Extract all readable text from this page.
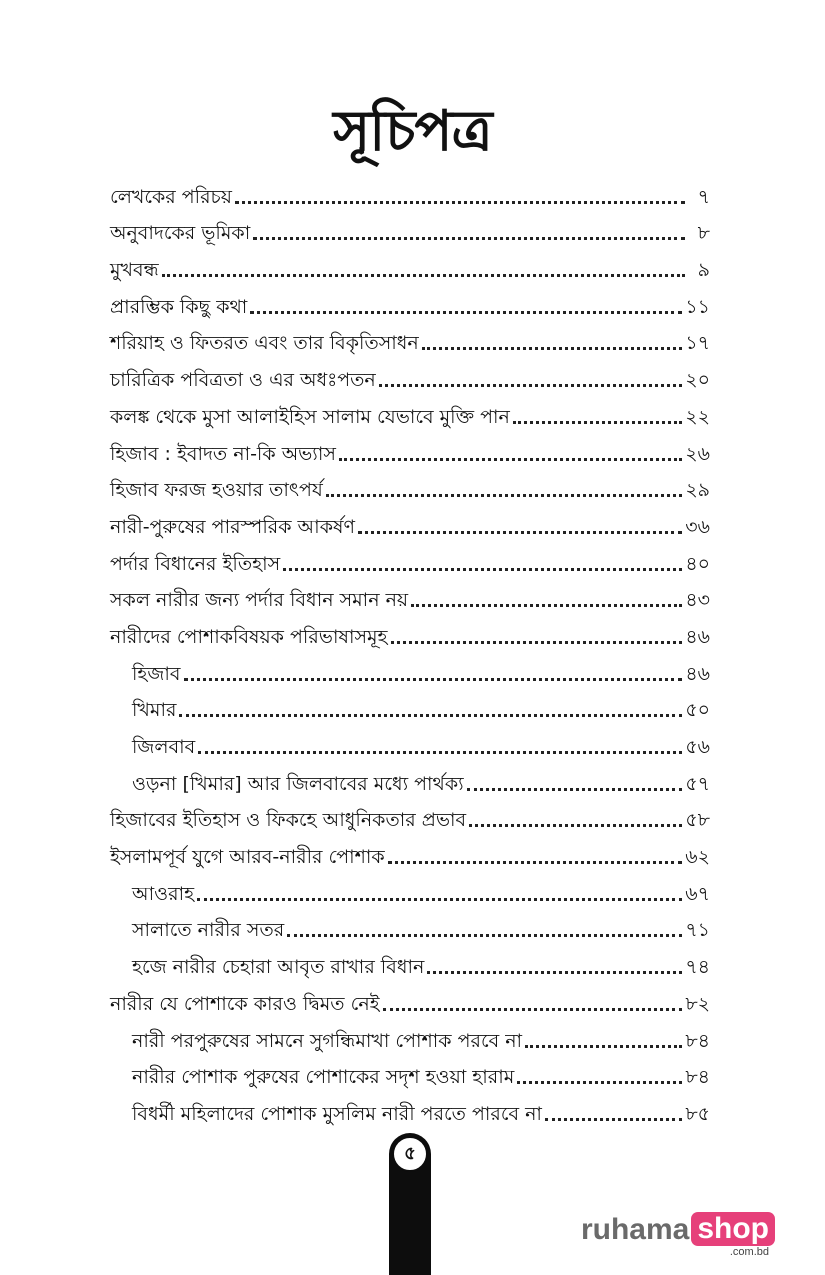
সূচিপত্র
লেখকের পরিচয়	৭
অনুবাদকের ভূমিকা	৮
মুখবন্ধ	৯
প্রারম্ভিক কিছু কথা	১১
শরিয়াহ ও ফিতরত এবং তার বিকৃতিসাধন	১৭
চারিত্রিক পবিত্রতা ও এর অধঃপতন	২০
কলঙ্ক থেকে মুসা আলাইহিস সালাম যেভাবে মুক্তি পান	২২
হিজাব : ইবাদত না-কি অভ্যাস	২৬
হিজাব ফরজ হওয়ার তাৎপর্য	২৯
নারী-পুরুষের পারস্পরিক আকর্ষণ	৩৬
পর্দার বিধানের ইতিহাস	৪০
সকল নারীর জন্য পর্দার বিধান সমান নয়	৪৩
নারীদের পোশাকবিষয়ক পরিভাষাসমূহ	৪৬
হিজাব	৪৬
খিমার	৫০
জিলবাব	৫৬
ওড়না [খিমার] আর জিলবাবের মধ্যে পার্থক্য	৫৭
হিজাবের ইতিহাস ও ফিকহে আধুনিকতার প্রভাব	৫৮
ইসলামপূর্ব যুগে আরব-নারীর পোশাক	৬২
আওরাহ	৬৭
সালাতে নারীর সতর	৭১
হজে নারীর চেহারা আবৃত রাখার বিধান	৭৪
নারীর যে পোশাকে কারও দ্বিমত নেই	৮২
নারী পরপুরুষের সামনে সুগন্ধিমাখা পোশাক পরবে না	৮৪
নারীর পোশাক পুরুষের পোশাকের সদৃশ হওয়া হারাম	৮৪
বিধর্মী মহিলাদের পোশাক মুসলিম নারী পরতে পারবে না	৮৫
৫
ruhama shop
.com.bd
